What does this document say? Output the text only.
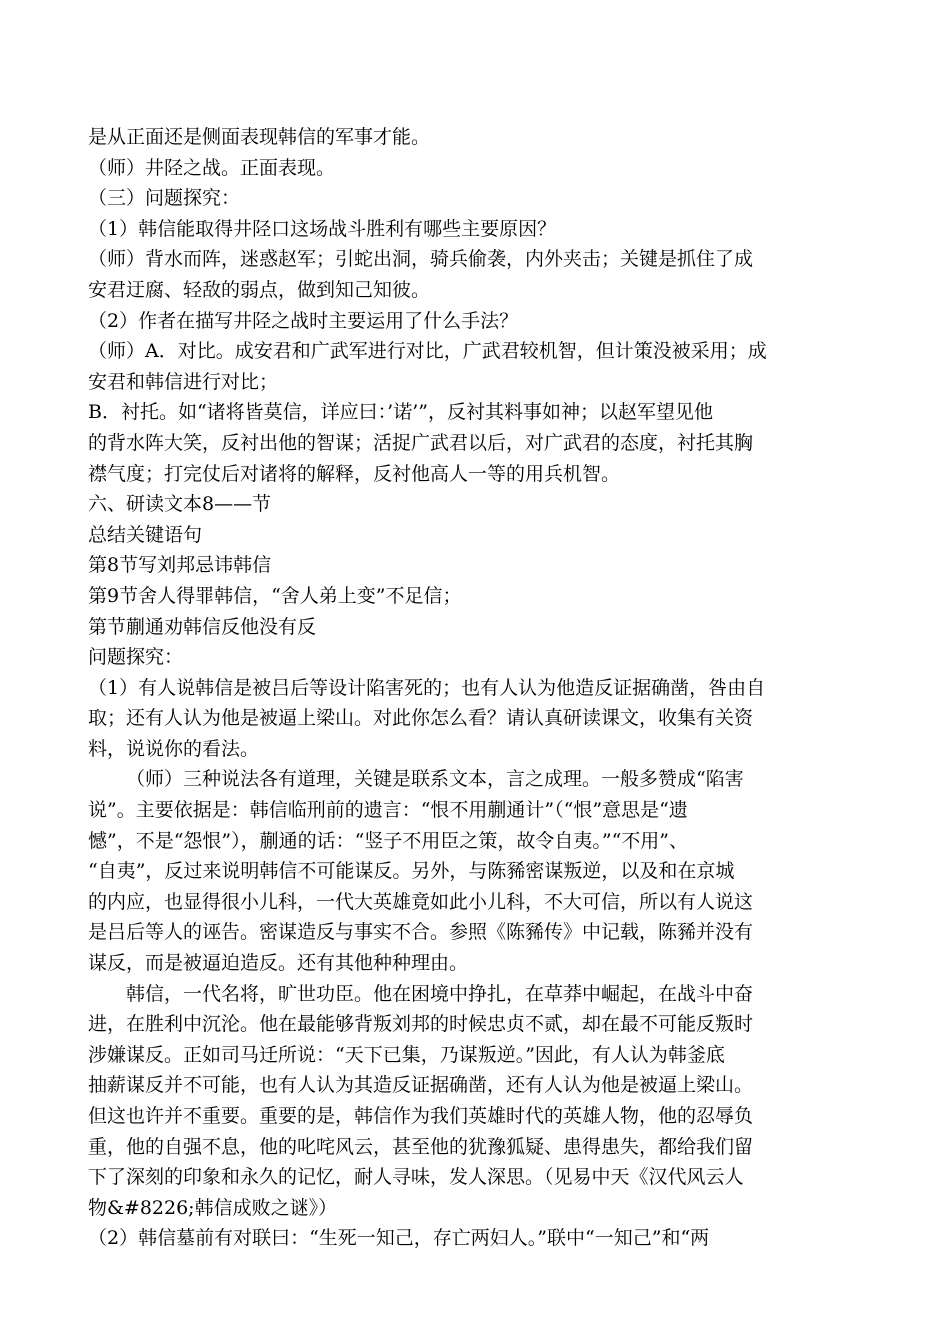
是从正面还是侧面表现韩信的军事才能。
（师）井陉之战。正面表现。
（三）问题探究：
（1）韩信能取得井陉口这场战斗胜利有哪些主要原因？
（师）背水而阵，迷惑赵军；引蛇出洞，骑兵偷袭，内外夹击；关键是抓住了成
安君迂腐、轻敌的弱点，做到知己知彼。
（2）作者在描写井陉之战时主要运用了什么手法？
（师）A．对比。成安君和广武军进行对比，广武君较机智，但计策没被采用；成
安君和韩信进行对比；
B．衬托。如“诸将皆莫信，详应曰：’诺’”，反衬其料事如神；以赵军望见他
的背水阵大笑，反衬出他的智谋；活捉广武君以后，对广武君的态度，衬托其胸
襟气度；打完仗后对诸将的解释，反衬他高人一等的用兵机智。
六、研读文本8——节
总结关键语句
第8节写刘邦忌讳韩信
第9节舍人得罪韩信，“舍人弟上变”不足信；
第节蒯通劝韩信反他没有反
问题探究：
（1）有人说韩信是被吕后等设计陷害死的；也有人认为他造反证据确凿，咎由自
取；还有人认为他是被逼上梁山。对此你怎么看？请认真研读课文，收集有关资
料，说说你的看法。
（师）三种说法各有道理，关键是联系文本，言之成理。一般多赞成“陷害
说”。主要依据是：韩信临刑前的遗言：“恨不用蒯通计”（“恨”意思是“遗
憾”，不是“怨恨”），蒯通的话：“竖子不用臣之策，故令自夷。”“不用”、
“自夷”，反过来说明韩信不可能谋反。另外，与陈豨密谋叛逆，以及和在京城
的内应，也显得很小儿科，一代大英雄竟如此小儿科，不大可信，所以有人说这
是吕后等人的诬告。密谋造反与事实不合。参照《陈豨传》中记载，陈豨并没有
谋反，而是被逼迫造反。还有其他种种理由。
韩信，一代名将，旷世功臣。他在困境中挣扎，在草莽中崛起，在战斗中奋
进，在胜利中沉沦。他在最能够背叛刘邦的时候忠贞不贰，却在最不可能反叛时
涉嫌谋反。正如司马迁所说：“天下已集，乃谋叛逆。”因此，有人认为韩釜底
抽薪谋反并不可能，也有人认为其造反证据确凿，还有人认为他是被逼上梁山。
但这也许并不重要。重要的是，韩信作为我们英雄时代的英雄人物，他的忍辱负
重，他的自强不息，他的叱咤风云，甚至他的犹豫狐疑、患得患失，都给我们留
下了深刻的印象和永久的记忆，耐人寻味，发人深思。（见易中天《汉代风云人
物&#8226;韩信成败之谜》）
（2）韩信墓前有对联曰：“生死一知己，存亡两妇人。”联中“一知己”和“两
